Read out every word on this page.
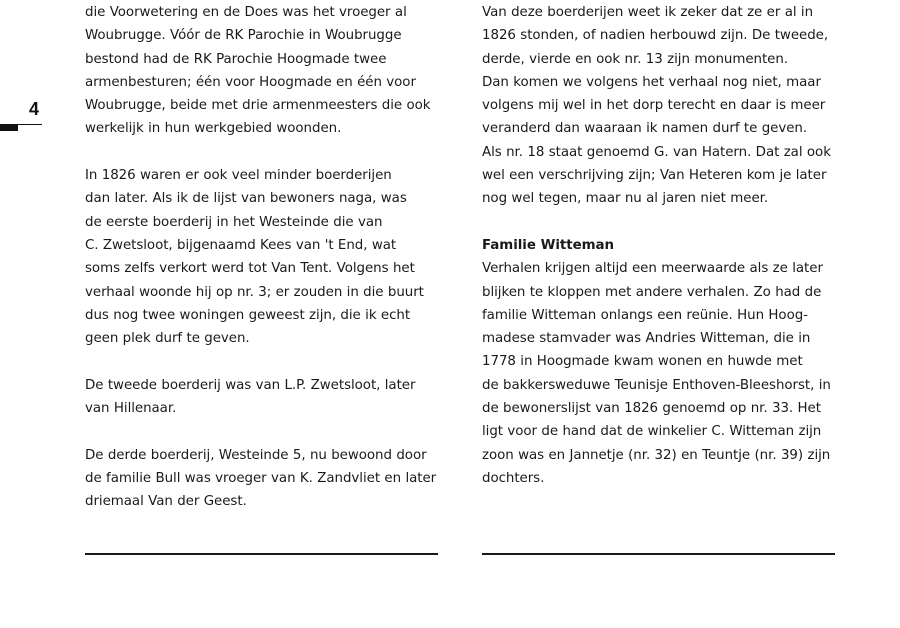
4

die Voorwetering en de Does was het vroeger al
Woubrugge. Vóór de RK Parochie in Woubrugge
bestond had de RK Parochie Hoogmade twee
armenbesturen; één voor Hoogmade en één voor
Woubrugge, beide met drie armenmeesters die ook
werkelijk in hun werkgebied woonden.

In 1826 waren er ook veel minder boerderijen
dan later. Als ik de lijst van bewoners naga, was
de eerste boerderij in het Westeinde die van
C. Zwetsloot, bijgenaamd Kees van 't End, wat
soms zelfs verkort werd tot Van Tent. Volgens het
verhaal woonde hij op nr. 3; er zouden in die buurt
dus nog twee woningen geweest zijn, die ik echt
geen plek durf te geven.

De tweede boerderij was van L.P. Zwetsloot, later
van Hillenaar.

De derde boerderij, Westeinde 5, nu bewoond door
de familie Bull was vroeger van K. Zandvliet en later
driemaal Van der Geest.

Van deze boerderijen weet ik zeker dat ze er al in
1826 stonden, of nadien herbouwd zijn. De tweede,
derde, vierde en ook nr. 13 zijn monumenten.
Dan komen we volgens het verhaal nog niet, maar
volgens mij wel in het dorp terecht en daar is meer
veranderd dan waaraan ik namen durf te geven.
Als nr. 18 staat genoemd G. van Hatern. Dat zal ook
wel een verschrijving zijn; Van Heteren kom je later
nog wel tegen, maar nu al jaren niet meer.

Familie Witteman
Verhalen krijgen altijd een meerwaarde als ze later
blijken te kloppen met andere verhalen. Zo had de
familie Witteman onlangs een reünie. Hun Hoog-
madese stamvader was Andries Witteman, die in
1778 in Hoogmade kwam wonen en huwde met
de bakkersweduwe Teunisje Enthoven-Bleeshorst, in
de bewonerslijst van 1826 genoemd op nr. 33. Het
ligt voor de hand dat de winkelier C. Witteman zijn
zoon was en Jannetje (nr. 32) en Teuntje (nr. 39) zijn
dochters.
